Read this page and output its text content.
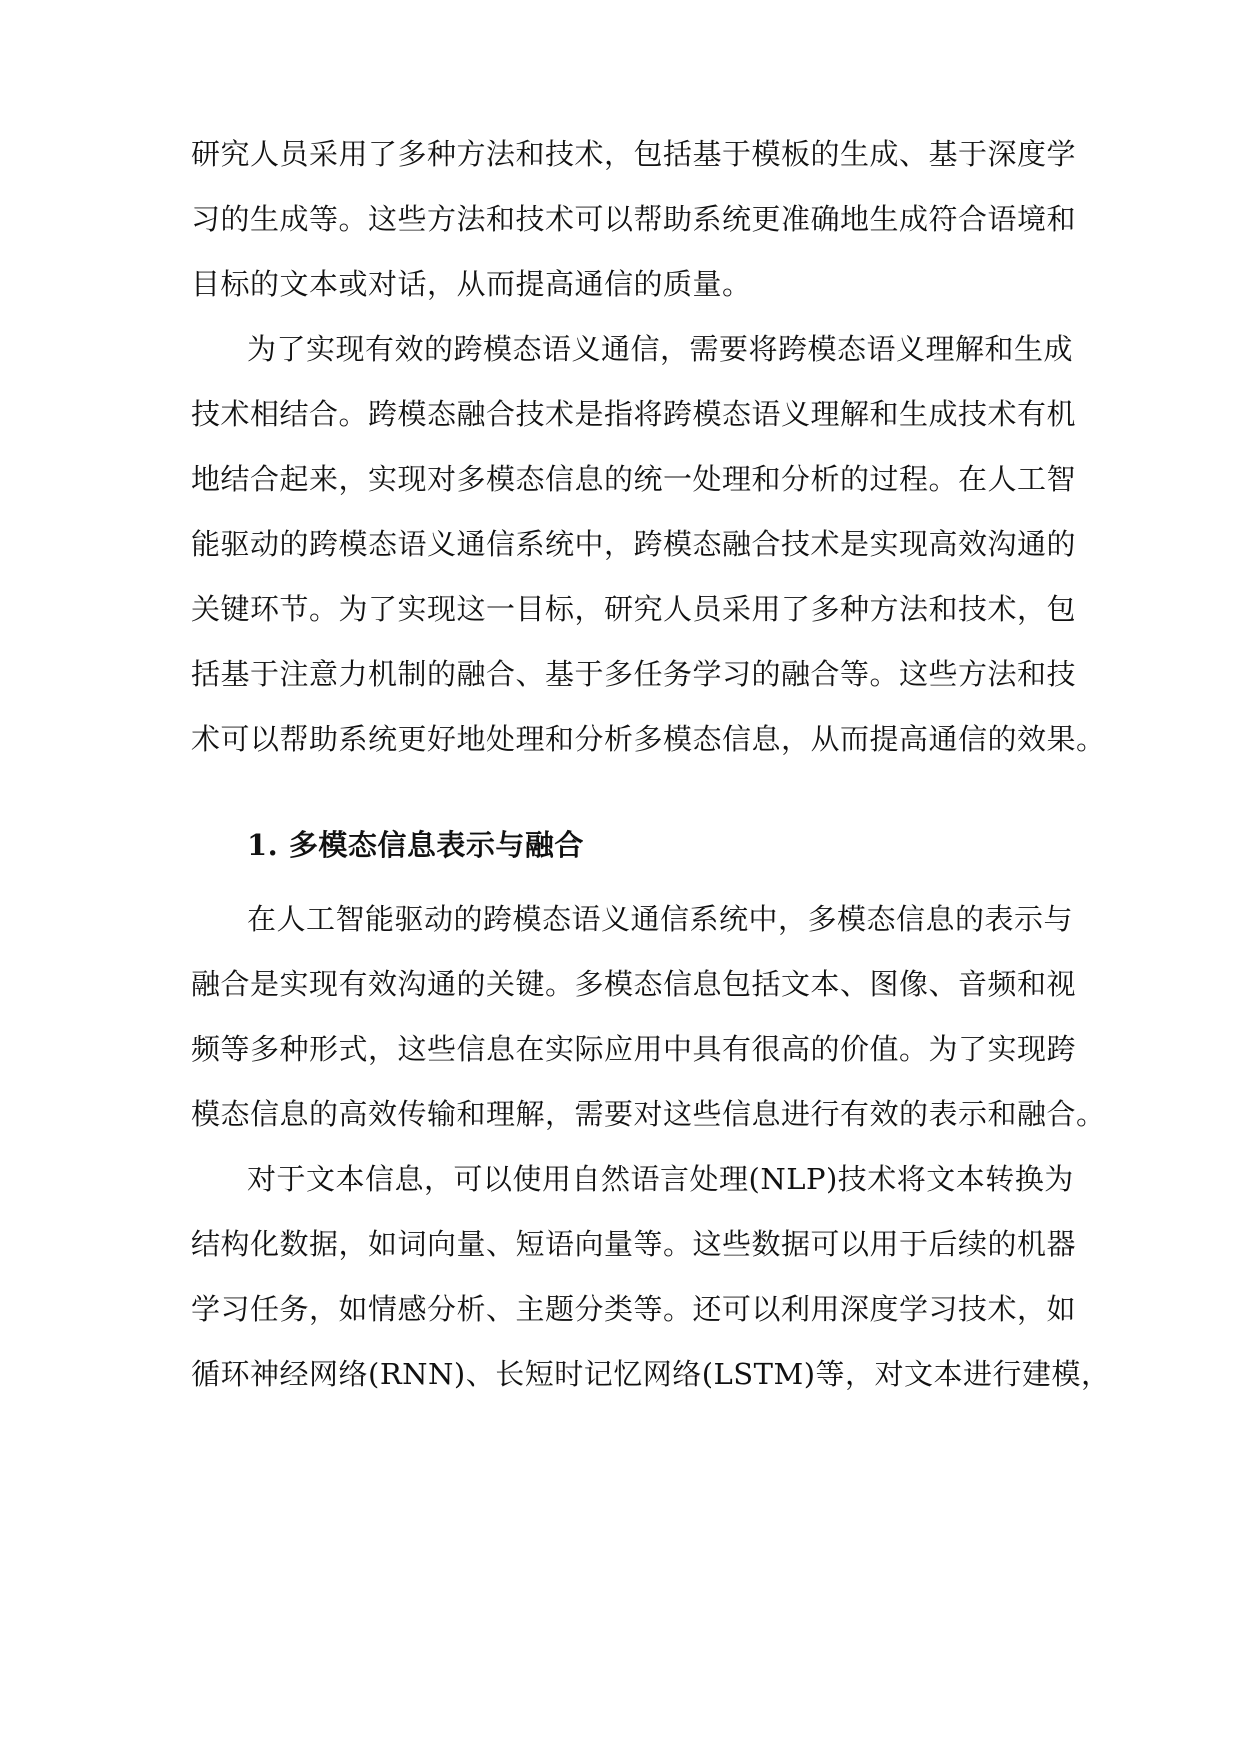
研究人员采用了多种方法和技术，包括基于模板的生成、基于深度学
习的生成等。这些方法和技术可以帮助系统更准确地生成符合语境和
目标的文本或对话，从而提高通信的质量。
为了实现有效的跨模态语义通信，需要将跨模态语义理解和生成
技术相结合。跨模态融合技术是指将跨模态语义理解和生成技术有机
地结合起来，实现对多模态信息的统一处理和分析的过程。在人工智
能驱动的跨模态语义通信系统中，跨模态融合技术是实现高效沟通的
关键环节。为了实现这一目标，研究人员采用了多种方法和技术，包
括基于注意力机制的融合、基于多任务学习的融合等。这些方法和技
术可以帮助系统更好地处理和分析多模态信息，从而提高通信的效果。
1. 多模态信息表示与融合
在人工智能驱动的跨模态语义通信系统中，多模态信息的表示与
融合是实现有效沟通的关键。多模态信息包括文本、图像、音频和视
频等多种形式，这些信息在实际应用中具有很高的价值。为了实现跨
模态信息的高效传输和理解，需要对这些信息进行有效的表示和融合。
对于文本信息，可以使用自然语言处理(NLP)技术将文本转换为
结构化数据，如词向量、短语向量等。这些数据可以用于后续的机器
学习任务，如情感分析、主题分类等。还可以利用深度学习技术，如
循环神经网络(RNN)、长短时记忆网络(LSTM)等，对文本进行建模，
